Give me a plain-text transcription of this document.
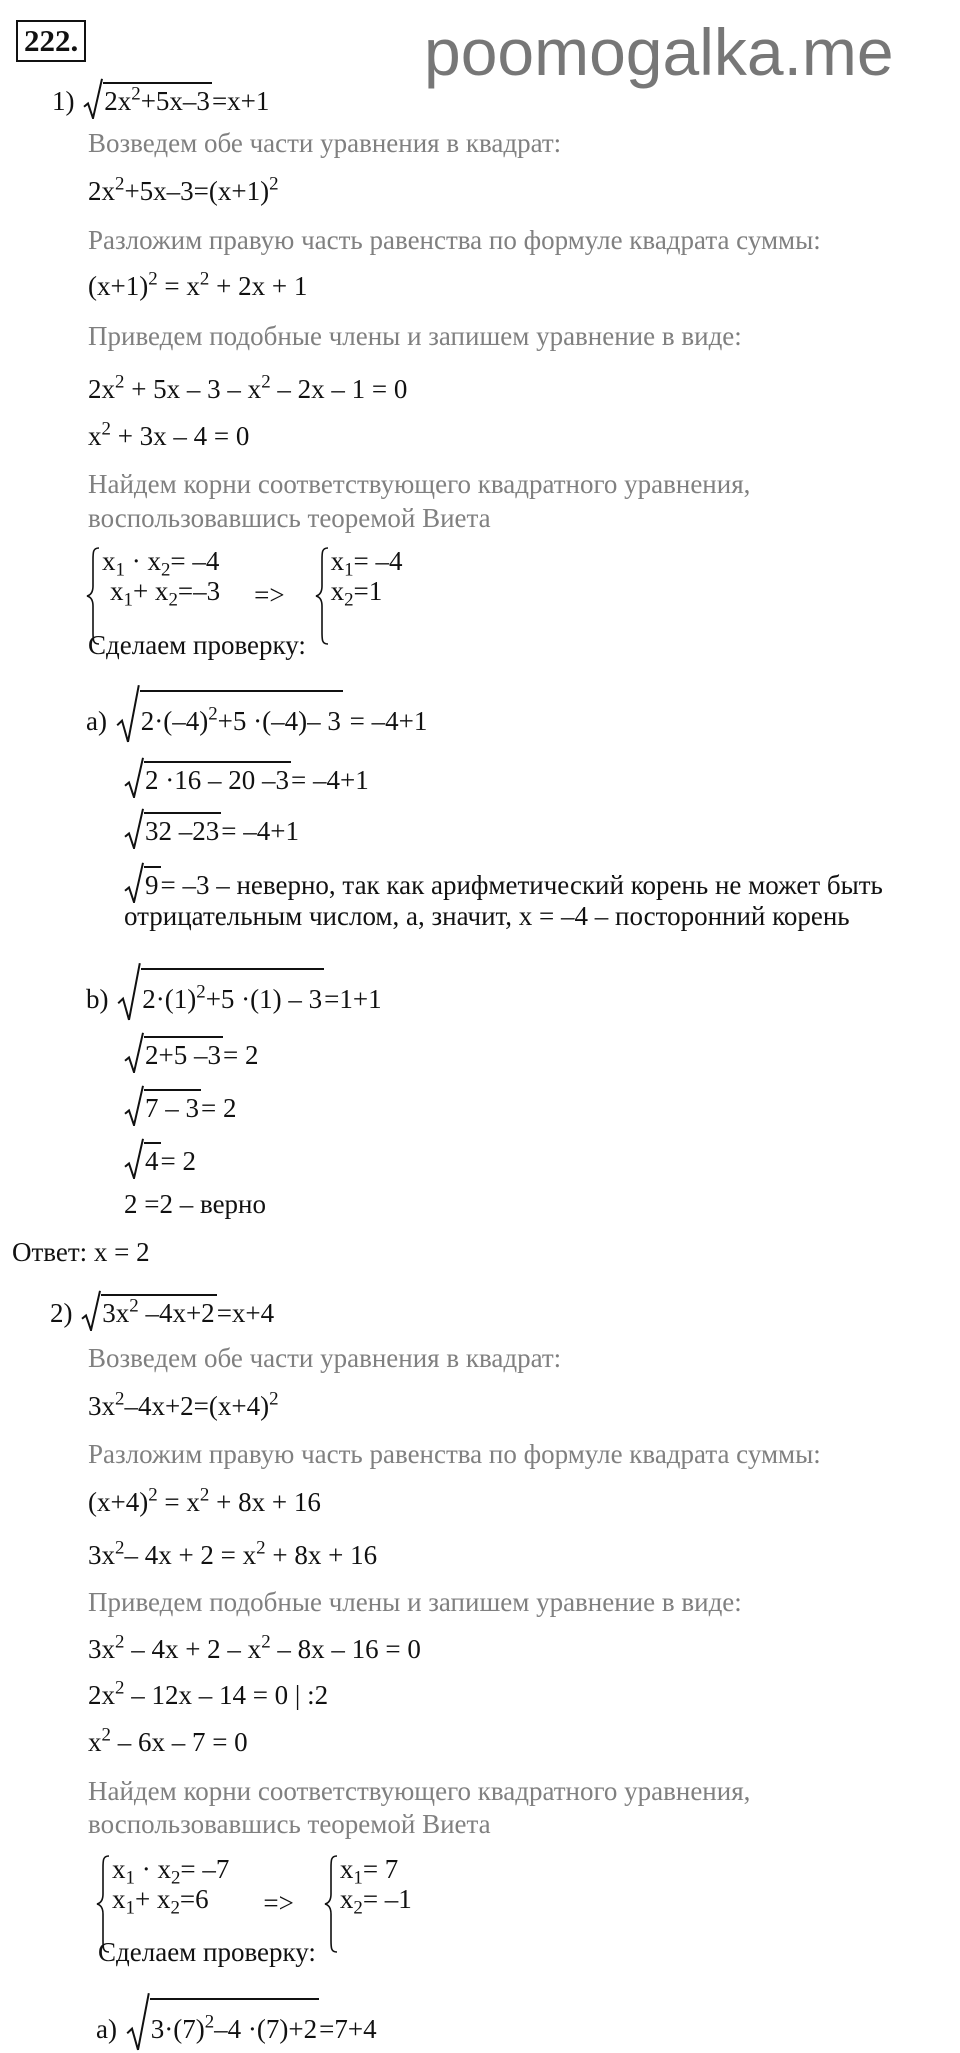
222.	poomogalka.me
1) $2x^2+5x-3=x+1$
Возведем обе части уравнения в квадрат:
$2x^2+5x-3=(x+1)^2$
Разложим правую часть равенства по формуле квадрата суммы:
$(x+1)^2 = x^2 + 2x + 1$
Приведем подобные члены и запишем уравнение в виде:
$2x^2 + 5x - 3 - x^2 - 2x - 1 = 0$
$x^2 + 3x - 4 = 0$
Найдем корни соответствующего квадратного уравнения,
воспользовавшись теоремой Виета
$x_1 \cdot x_2= -4$
$x_1+ x_2=-3$ =>
$x_1= -4$
$x_2=1$
Сделаем проверку:
а) $2\cdot(-4)^2+5 \cdot(-4)-$ 3 = –4+1
2 ·16 – 20 –3= –4+1
32 –23= –4+1
9= –3 – неверно, так как арифметический корень не может быть
отрицательным числом, а, значит, x = –4 – посторонний корень
b) $2\cdot(1)^2+5 \cdot(1) - 3=1+1$
2+5 –3= 2
7 – 3= 2
4= 2
2 =2 – верно
Ответ: x = 2
2) $3x^2$ –4x+2=x+4
Возведем обе части уравнения в квадрат:
$3x^2-4x+2=(x+4)^2$
Разложим правую часть равенства по формуле квадрата суммы:
$(x+4)^2 = x^2 + 8x + 16$
$3x^2-$ $4x + 2 = x^2 + 8x + 16$
Приведем подобные члены и запишем уравнение в виде:
$3x^2 - 4x + 2 - x^2 - 8x - 16 = 0$
$2x^2 - 12x - 14 = 0$ | :2
$x^2 - 6x - 7 = 0$
Найдем корни соответствующего квадратного уравнения,
воспользовавшись теоремой Виета
$x_1 \cdot x_2= -7$
$x_1+ x_2=6$	=>
$x_1= 7$
$x_2= -1$
Сделаем проверку:
а) $3\cdot(7)^2-4 \cdot(7)+2=7+4$
